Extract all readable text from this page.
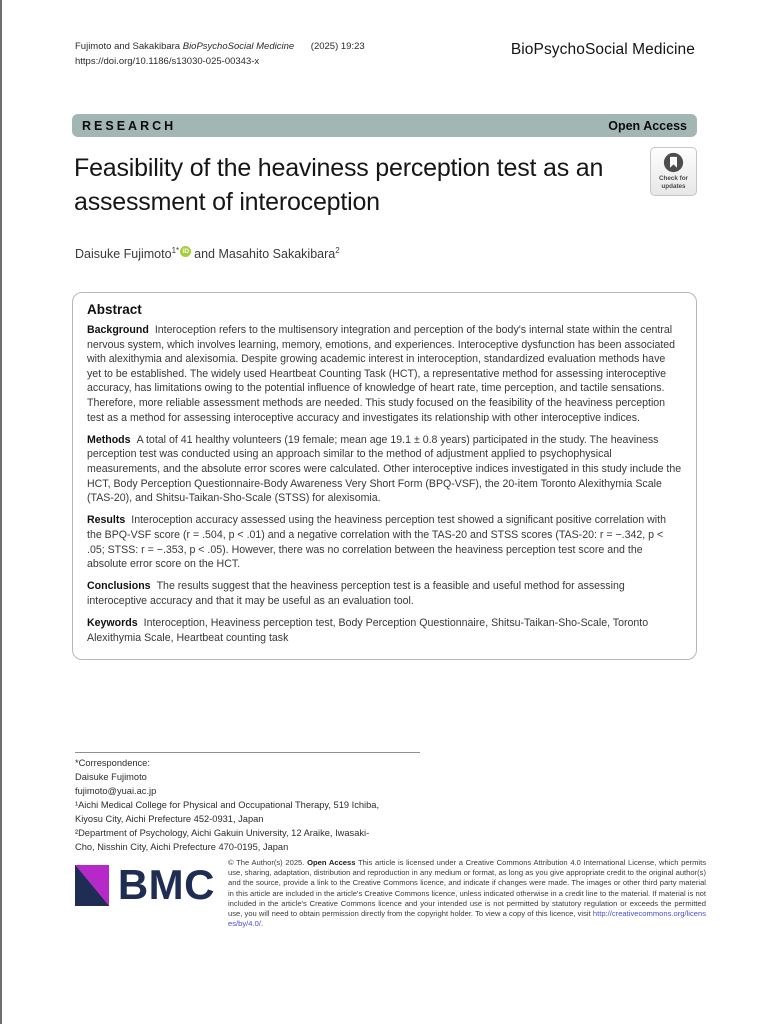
Fujimoto and Sakakibara BioPsychoSocial Medicine (2025) 19:23
https://doi.org/10.1186/s13030-025-00343-x
BioPsychoSocial Medicine
RESEARCH	Open Access
Feasibility of the heaviness perception test as an assessment of interoception
Check for
updates
Daisuke Fujimoto$^{1*}$ iD and Masahito Sakakibara$^2$
Abstract

Background Interoception refers to the multisensory integration and perception of the body's internal state within the central nervous system, which involves learning, memory, emotions, and experiences. Interoceptive dysfunction has been associated with alexithymia and alexisomia. Despite growing academic interest in interoception, standardized evaluation methods have yet to be established. The widely used Heartbeat Counting Task (HCT), a representative method for assessing interoceptive accuracy, has limitations owing to the potential influence of knowledge of heart rate, time perception, and tactile sensations. Therefore, more reliable assessment methods are needed. This study focused on the feasibility of the heaviness perception test as a method for assessing interoceptive accuracy and investigates its relationship with other interoceptive indices.

Methods A total of 41 healthy volunteers (19 female; mean age 19.1 ± 0.8 years) participated in the study. The heaviness perception test was conducted using an approach similar to the method of adjustment applied to psychophysical measurements, and the absolute error scores were calculated. Other interoceptive indices investigated in this study include the HCT, Body Perception Questionnaire-Body Awareness Very Short Form (BPQ-VSF), the 20-item Toronto Alexithymia Scale (TAS-20), and Shitsu-Taikan-Sho-Scale (STSS) for alexisomia.

Results Interoception accuracy assessed using the heaviness perception test showed a significant positive correlation with the BPQ-VSF score (r = .504, p < .01) and a negative correlation with the TAS-20 and STSS scores (TAS-20: r = −.342, p < .05; STSS: r = −.353, p < .05). However, there was no correlation between the heaviness perception test score and the absolute error score on the HCT.

Conclusions The results suggest that the heaviness perception test is a feasible and useful method for assessing interoceptive accuracy and that it may be useful as an evaluation tool.

Keywords Interoception, Heaviness perception test, Body Perception Questionnaire, Shitsu-Taikan-Sho-Scale, Toronto Alexithymia Scale, Heartbeat counting task

*Correspondence:
Daisuke Fujimoto
fujimoto@yuai.ac.jp
¹Aichi Medical College for Physical and Occupational Therapy, 519 Ichiba,
Kiyosu City, Aichi Prefecture 452-0931, Japan
²Department of Psychology, Aichi Gakuin University, 12 Araike, Iwasaki-
Cho, Nisshin City, Aichi Prefecture 470-0195, Japan
BMC © The Author(s) 2025. Open Access This article is licensed under a Creative Commons Attribution 4.0 International License, which permits use, sharing, adaptation, distribution and reproduction in any medium or format, as long as you give appropriate credit to the original author(s) and the source, provide a link to the Creative Commons licence, and indicate if changes were made. The images or other third party material in this article are included in the article's Creative Commons licence, unless indicated otherwise in a credit line to the material. If material is not included in the article's Creative Commons licence and your intended use is not permitted by statutory regulation or exceeds the permitted use, you will need to obtain permission directly from the copyright holder. To view a copy of this licence, visit http://creativecommons.org/licenses/by/4.0/.
